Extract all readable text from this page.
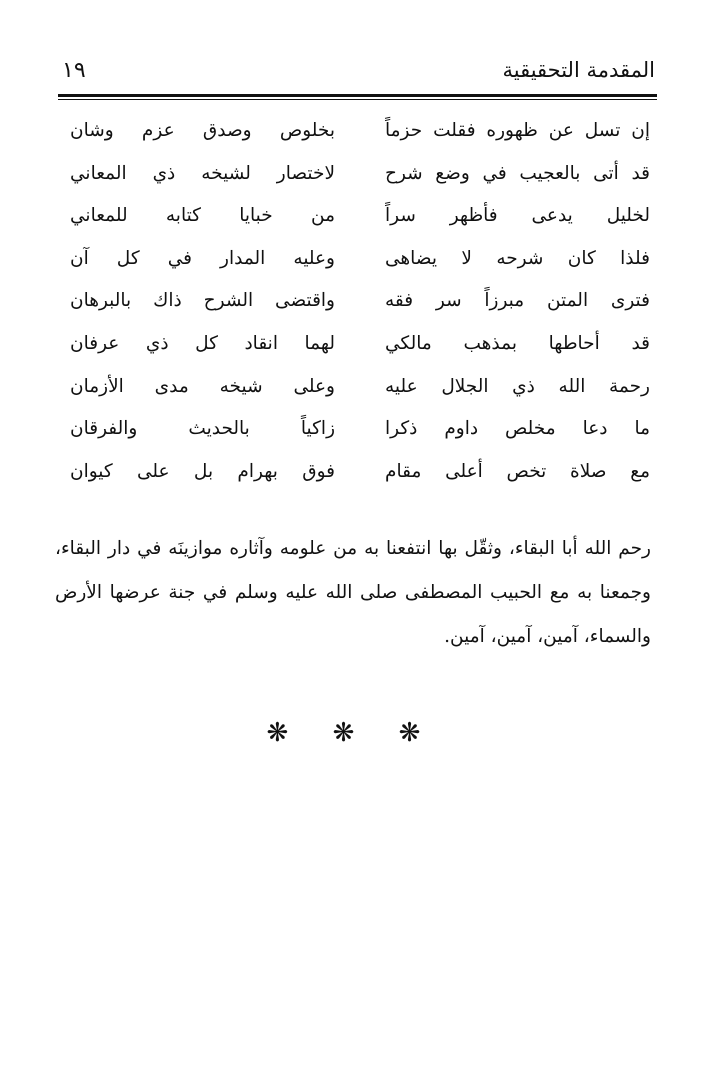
١٩	المقدمة التحقيقية
إن تسل عن ظهوره فقلت حزماً
بخلوص وصدق عزم وشان
قد أتى بالعجيب في وضع شرح
لاختصار لشيخه ذي المعاني
لخليل يدعى فأظهر سراً
من خبايا كتابه للمعاني
فلذا كان شرحه لا يضاهى
وعليه المدار في كل آن
فترى المتن مبرزاً سر فقه
واقتضى الشرح ذاك بالبرهان
قد أحاطها بمذهب مالكي
لهما انقاد كل ذي عرفان
رحمة الله ذي الجلال عليه
وعلى شيخه مدى الأزمان
ما دعا مخلص داوم ذكرا
زاكياً بالحديث والفرقان
مع صلاة تخص أعلى مقام
فوق بهرام بل على كيوان

رحم الله أبا البقاء، وثقّل بها انتفعنا به من علومه وآثاره موازينَه في دار البقاء، وجمعنا به مع الحبيب المصطفى صلى الله عليه وسلم في جنة عرضها الأرض والسماء، آمين، آمين، آمين.

❋ ❋ ❋
